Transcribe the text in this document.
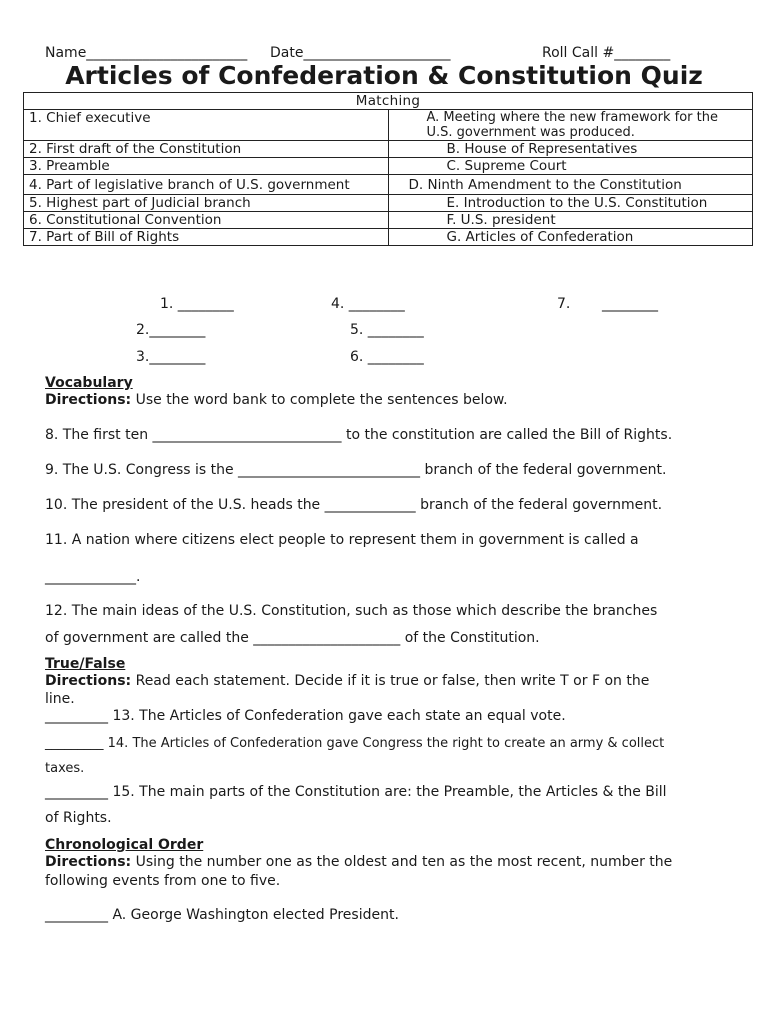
Name_______________________ Date_____________________	Roll Call #________
Articles of Confederation & Constitution Quiz
Matching	
1. Chief executive	A. Meeting where the new framework for the U.S. government was produced.
2. First draft of the Constitution	B. House of Representatives
3. Preamble	C. Supreme Court
4. Part of legislative branch of U.S. government	D. Ninth Amendment to the Constitution
5. Highest part of Judicial branch	E. Introduction to the U.S. Constitution
6. Constitutional Convention	F. U.S. president
7. Part of Bill of Rights	G. Articles of Confederation
1. ________	4. ________	7. ________
2.________	5. ________
3.________	6. ________
Vocabulary
Directions: Use the word bank to complete the sentences below.
8. The first ten ___________________________ to the constitution are called the Bill of Rights.
9. The U.S. Congress is the __________________________ branch of the federal government.
10. The president of the U.S. heads the _____________ branch of the federal government.
11. A nation where citizens elect people to represent them in government is called a
_____________.
12. The main ideas of the U.S. Constitution, such as those which describe the branches
of government are called the _____________________ of the Constitution.
True/False
Directions: Read each statement. Decide if it is true or false, then write T or F on the
line.
_________ 13. The Articles of Confederation gave each state an equal vote.
_________ 14. The Articles of Confederation gave Congress the right to create an army & collect
taxes.
_________ 15. The main parts of the Constitution are: the Preamble, the Articles & the Bill
of Rights.
Chronological Order
Directions: Using the number one as the oldest and ten as the most recent, number the
following events from one to five.
_________ A. George Washington elected President.
